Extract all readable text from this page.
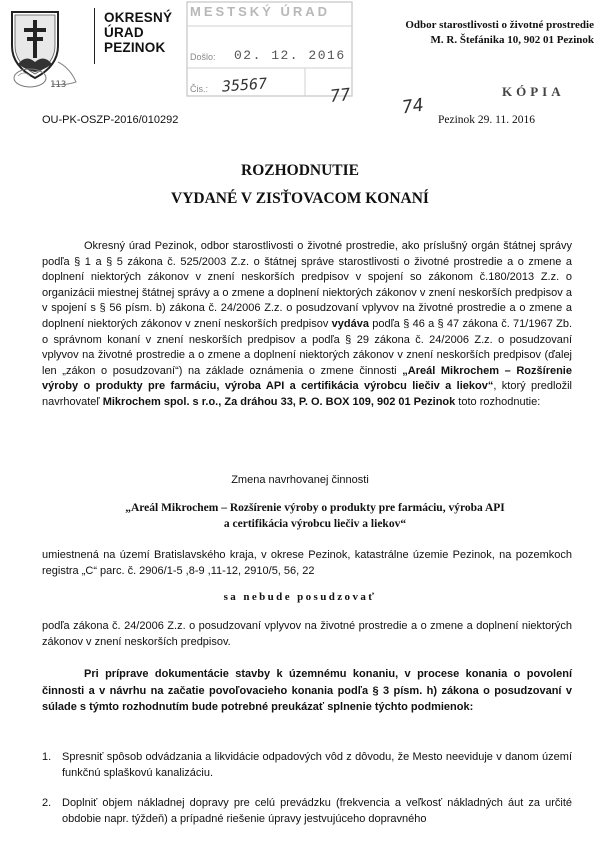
113
OKRESNÝ
ÚRAD
PEZINOK
MESTSKÝ ÚRAD
Došlo: 02. 12. 2016
Čis.: 35567	77	74
Odbor starostlivosti o životné prostredie
M. R. Štefánika 10, 902 01 Pezinok
KÓPIA
OU-PK-OSZP-2016/010292	Pezinok 29. 11. 2016
ROZHODNUTIE
VYDANÉ V ZISŤOVACOM KONANÍ
Okresný úrad Pezinok, odbor starostlivosti o životné prostredie, ako príslušný orgán štátnej správy podľa § 1 a § 5 zákona č. 525/2003 Z.z. o štátnej správe starostlivosti o životné prostredie a o zmene a doplnení niektorých zákonov v znení neskorších predpisov v spojení so zákonom č.180/2013 Z.z. o organizácii miestnej štátnej správy a o zmene a doplnení niektorých zákonov v znení neskorších predpisov a v spojení s § 56 písm. b) zákona č. 24/2006 Z.z. o posudzovaní vplyvov na životné prostredie a o zmene a doplnení niektorých zákonov v znení neskorších predpisov vydáva podľa § 46 a § 47 zákona č. 71/1967 Zb. o správnom konaní v znení neskorších predpisov a podľa § 29 zákona č. 24/2006 Z.z. o posudzovaní vplyvov na životné prostredie a o zmene a doplnení niektorých zákonov v znení neskorších predpisov (ďalej len „zákon o posudzovaní“) na základe oznámenia o zmene činnosti „Areál Mikrochem – Rozšírenie výroby o produkty pre farmáciu, výroba API a certifikácia výrobcu liečiv a liekov“, ktorý predložil navrhovateľ Mikrochem spol. s r.o., Za dráhou 33, P. O. BOX 109, 902 01 Pezinok toto rozhodnutie:
Zmena navrhovanej činnosti
„Areál Mikrochem – Rozšírenie výroby o produkty pre farmáciu, výroba API
a certifikácia výrobcu liečiv a liekov“
umiestnená na území Bratislavského kraja, v okrese Pezinok, katastrálne územie Pezinok, na pozemkoch registra „C“ parc. č. 2906/1-5 ,8-9 ,11-12, 2910/5, 56, 22
sa nebude posudzovať
podľa zákona č. 24/2006 Z.z. o posudzovaní vplyvov na životné prostredie a o zmene a doplnení niektorých zákonov v znení neskorších predpisov.
Pri príprave dokumentácie stavby k územnému konaniu, v procese konania o povolení činnosti a v návrhu na začatie povoľovacieho konania podľa § 3 písm. h) zákona o posudzovaní v súlade s týmto rozhodnutím bude potrebné preukázať splnenie týchto podmienok:
1. Spresniť spôsob odvádzania a likvidácie odpadových vôd z dôvodu, že Mesto neeviduje v danom území funkčnú splaškovú kanalizáciu.
2. Doplniť objem nákladnej dopravy pre celú prevádzku (frekvencia a veľkosť nákladných áut za určité obdobie napr. týždeň) a prípadné riešenie úpravy jestvujúceho dopravného
